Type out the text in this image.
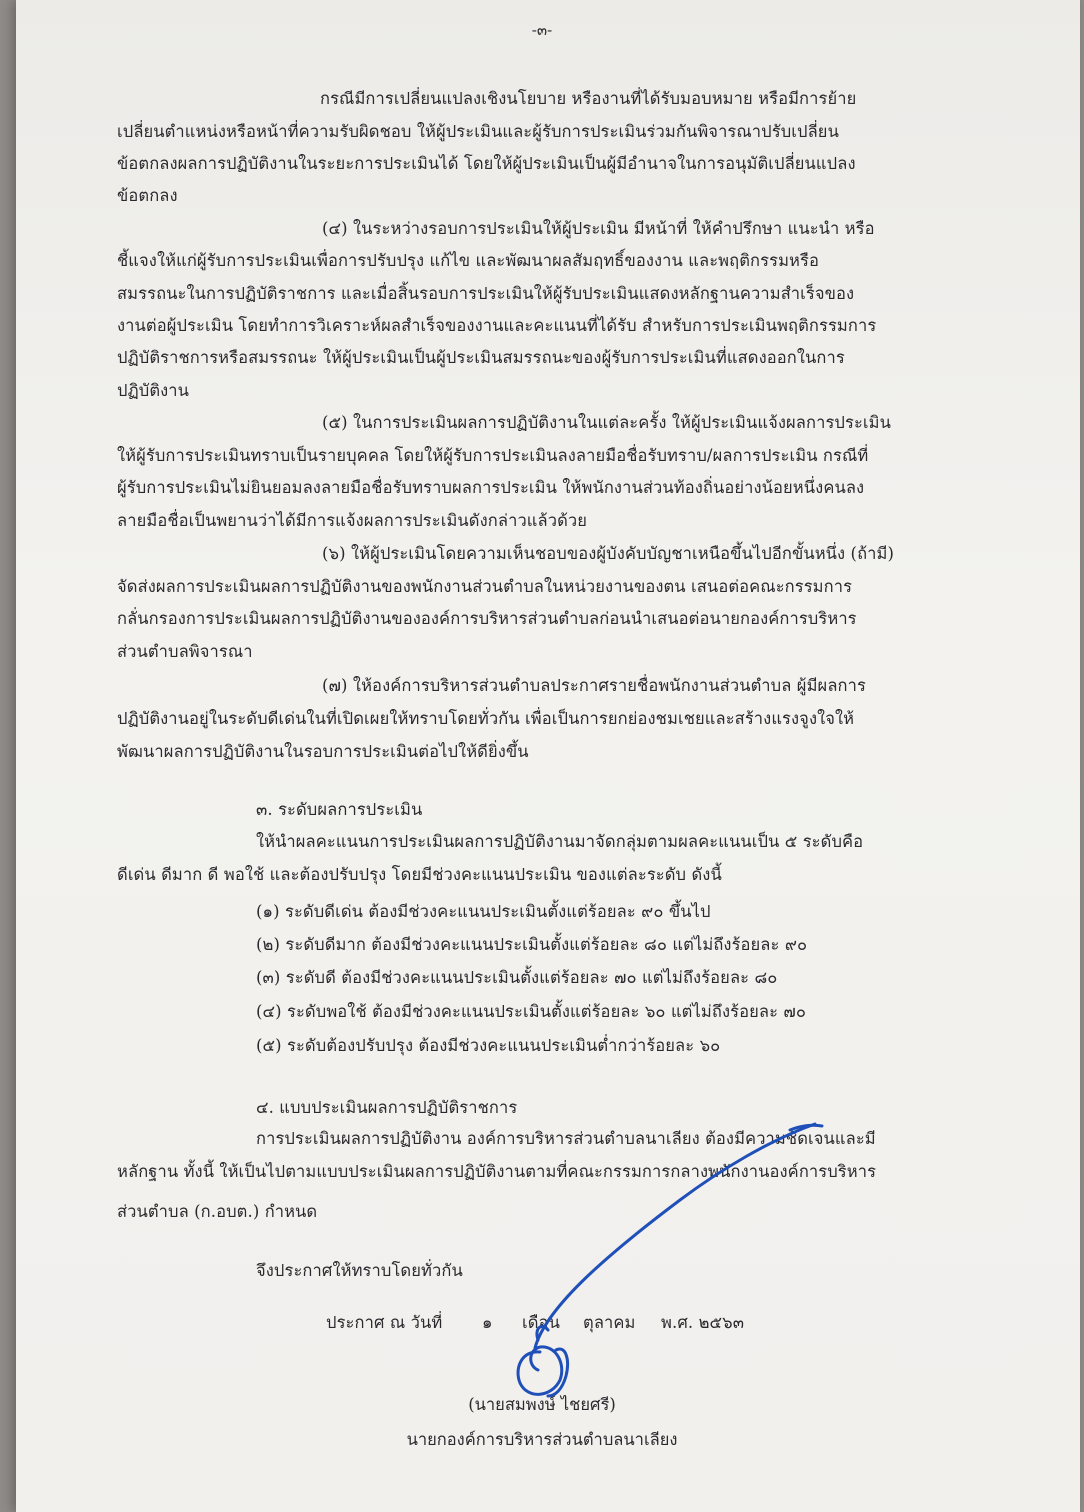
-๓-
กรณีมีการเปลี่ยนแปลงเชิงนโยบาย หรืองานที่ได้รับมอบหมาย หรือมีการย้าย
เปลี่ยนตำแหน่งหรือหน้าที่ความรับผิดชอบ ให้ผู้ประเมินและผู้รับการประเมินร่วมกันพิจารณาปรับเปลี่ยน
ข้อตกลงผลการปฏิบัติงานในระยะการประเมินได้ โดยให้ผู้ประเมินเป็นผู้มีอำนาจในการอนุมัติเปลี่ยนแปลง
ข้อตกลง
(๔) ในระหว่างรอบการประเมินให้ผู้ประเมิน มีหน้าที่ ให้คำปรึกษา แนะนำ หรือ
ชี้แจงให้แก่ผู้รับการประเมินเพื่อการปรับปรุง แก้ไข และพัฒนาผลสัมฤทธิ์ของงาน และพฤติกรรมหรือ
สมรรถนะในการปฏิบัติราชการ และเมื่อสิ้นรอบการประเมินให้ผู้รับประเมินแสดงหลักฐานความสำเร็จของ
งานต่อผู้ประเมิน โดยทำการวิเคราะห์ผลสำเร็จของงานและคะแนนที่ได้รับ สำหรับการประเมินพฤติกรรมการ
ปฏิบัติราชการหรือสมรรถนะ ให้ผู้ประเมินเป็นผู้ประเมินสมรรถนะของผู้รับการประเมินที่แสดงออกในการ
ปฏิบัติงาน
(๕) ในการประเมินผลการปฏิบัติงานในแต่ละครั้ง ให้ผู้ประเมินแจ้งผลการประเมิน
ให้ผู้รับการประเมินทราบเป็นรายบุคคล โดยให้ผู้รับการประเมินลงลายมือชื่อรับทราบ/ผลการประเมิน กรณีที่
ผู้รับการประเมินไม่ยินยอมลงลายมือชื่อรับทราบผลการประเมิน ให้พนักงานส่วนท้องถิ่นอย่างน้อยหนึ่งคนลง
ลายมือชื่อเป็นพยานว่าได้มีการแจ้งผลการประเมินดังกล่าวแล้วด้วย
(๖) ให้ผู้ประเมินโดยความเห็นชอบของผู้บังคับบัญชาเหนือขึ้นไปอีกขั้นหนึ่ง (ถ้ามี)
จัดส่งผลการประเมินผลการปฏิบัติงานของพนักงานส่วนตำบลในหน่วยงานของตน เสนอต่อคณะกรรมการ
กลั่นกรองการประเมินผลการปฏิบัติงานขององค์การบริหารส่วนตำบลก่อนนำเสนอต่อนายกองค์การบริหาร
ส่วนตำบลพิจารณา
(๗) ให้องค์การบริหารส่วนตำบลประกาศรายชื่อพนักงานส่วนตำบล ผู้มีผลการ
ปฏิบัติงานอยู่ในระดับดีเด่นในที่เปิดเผยให้ทราบโดยทั่วกัน เพื่อเป็นการยกย่องชมเชยและสร้างแรงจูงใจให้
พัฒนาผลการปฏิบัติงานในรอบการประเมินต่อไปให้ดียิ่งขึ้น
๓. ระดับผลการประเมิน
ให้นำผลคะแนนการประเมินผลการปฏิบัติงานมาจัดกลุ่มตามผลคะแนนเป็น ๕ ระดับคือ
ดีเด่น ดีมาก ดี พอใช้ และต้องปรับปรุง โดยมีช่วงคะแนนประเมิน ของแต่ละระดับ ดังนี้
(๑) ระดับดีเด่น ต้องมีช่วงคะแนนประเมินตั้งแต่ร้อยละ ๙๐ ขึ้นไป
(๒) ระดับดีมาก ต้องมีช่วงคะแนนประเมินตั้งแต่ร้อยละ ๘๐ แต่ไม่ถึงร้อยละ ๙๐
(๓) ระดับดี ต้องมีช่วงคะแนนประเมินตั้งแต่ร้อยละ ๗๐ แต่ไม่ถึงร้อยละ ๘๐
(๔) ระดับพอใช้ ต้องมีช่วงคะแนนประเมินตั้งแต่ร้อยละ ๖๐ แต่ไม่ถึงร้อยละ ๗๐
(๕) ระดับต้องปรับปรุง ต้องมีช่วงคะแนนประเมินต่ำกว่าร้อยละ ๖๐
๔. แบบประเมินผลการปฏิบัติราชการ
การประเมินผลการปฏิบัติงาน องค์การบริหารส่วนตำบลนาเลียง ต้องมีความชัดเจนและมี
หลักฐาน ทั้งนี้ ให้เป็นไปตามแบบประเมินผลการปฏิบัติงานตามที่คณะกรรมการกลางพนักงานองค์การบริหาร
ส่วนตำบล (ก.อบต.) กำหนด
จึงประกาศให้ทราบโดยทั่วกัน
ประกาศ ณ วันที่ ๑ เดือน ตุลาคม พ.ศ. ๒๕๖๓
(นายสมพงษ์ ไชยศรี)
นายกองค์การบริหารส่วนตำบลนาเลียง
